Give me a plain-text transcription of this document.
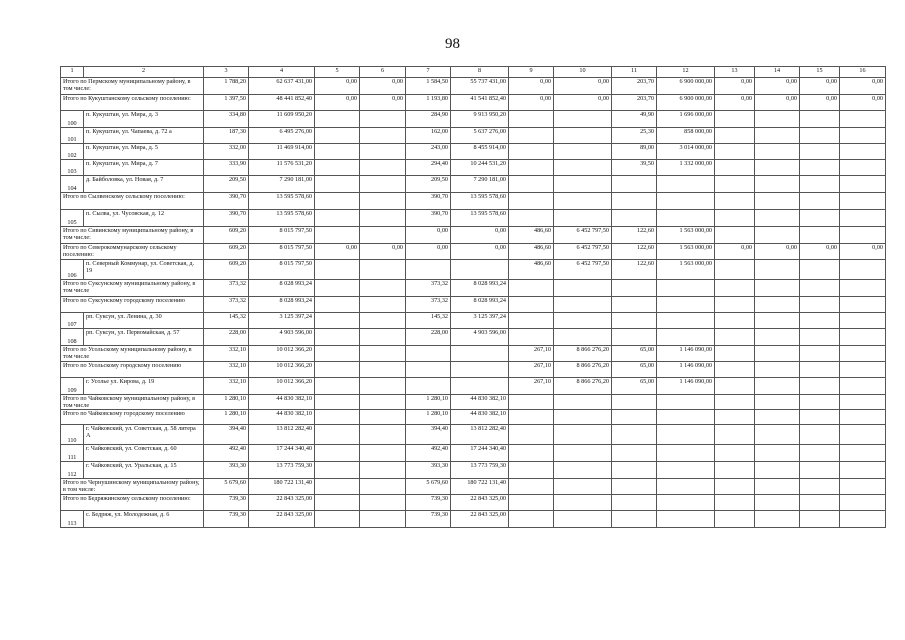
98
1	2	3	4	5	6	7	8	9	10	11	12	13	14	15	16
Итого по Пермскому муниципальному району, в том числе:		1 788,20	62 637 431,00	0,00	0,00	1 584,50	55 737 431,00	0,00	0,00	203,70	6 900 000,00	0,00	0,00	0,00	0,00
Итого по Кукуштанскому сельскому поселению:		1 397,50	48 441 852,40	0,00	0,00	1 193,80	41 541 852,40	0,00	0,00	203,70	6 900 000,00	0,00	0,00	0,00	0,00
100	п. Кукуштан, ул. Мира, д. 3	334,80	11 609 950,20			284,90	9 913 950,20			49,90	1 696 000,00				
101	п. Кукуштан, ул. Чапаева, д. 72 а	187,30	6 495 276,00			162,00	5 637 276,00			25,30	858 000,00				
102	п. Кукуштан, ул. Мира, д. 5	332,00	11 469 914,00			243,00	8 455 914,00			89,00	3 014 000,00				
103	п. Кукуштан, ул. Мира, д. 7	333,90	11 576 531,20			294,40	10 244 531,20			39,50	1 332 000,00				
104	д. Байболовка, ул. Новая, д. 7	209,50	7 290 181,00			209,50	7 290 181,00								
Итого по Сылвенскому сельскому поселению:		390,70	13 595 578,60			390,70	13 595 578,60								
105	п. Сылва, ул. Чусовская, д. 12	390,70	13 595 578,60			390,70	13 595 578,60								
Итого по Сивинскому муниципальному району, в том числе:		609,20	8 015 797,50			0,00	0,00	486,60	6 452 797,50	122,60	1 563 000,00				
Итого по Северокоммунарскому сельскому поселению:		609,20	8 015 797,50	0,00	0,00	0,00	0,00	486,60	6 452 797,50	122,60	1 563 000,00	0,00	0,00	0,00	0,00
106	п. Северный Коммунар, ул. Советская, д. 19	609,20	8 015 797,50					486,60	6 452 797,50	122,60	1 563 000,00				
Итого по Суксунскому муниципальному району, в том числе		373,32	8 028 993,24			373,32	8 028 993,24								
Итого по Суксунскому городскому поселению		373,32	8 028 993,24			373,32	8 028 993,24								
107	рп. Суксун, ул. Ленина, д. 30	145,32	3 125 397,24			145,32	3 125 397,24								
108	рп. Суксун, ул. Первомайская, д. 57	228,00	4 903 596,00			228,00	4 903 596,00								
Итого по Усольскому муниципальному району, в том числе		332,10	10 012 366,20					267,10	8 866 276,20	65,00	1 146 090,00				
Итого по Усольскому городскому поселению		332,10	10 012 366,20					267,10	8 866 276,20	65,00	1 146 090,00				
109	г. Усолье ул. Кирова, д. 19	332,10	10 012 366,20					267,10	8 866 276,20	65,00	1 146 090,00				
Итого по Чайковскому муниципальному району, в том числе		1 280,10	44 830 382,10			1 280,10	44 830 382,10								
Итого по Чайковскому городскому поселению		1 280,10	44 830 382,10			1 280,10	44 830 382,10								
110	г. Чайковский, ул. Советская, д. 58 литера А	394,40	13 812 282,40			394,40	13 812 282,40								
111	г. Чайковский, ул. Советская, д. 60	492,40	17 244 340,40			492,40	17 244 340,40								
112	г. Чайковский, ул. Уральская, д. 15	393,30	13 773 759,30			393,30	13 773 759,30								
Итого по Чернушинскому муниципальному району, в том числе:		5 679,60	180 722 131,40			5 679,60	180 722 131,40								
Итого по Бедряжинскому сельскому поселению:		739,30	22 843 325,00			739,30	22 843 325,00								
113	с. Бедряж, ул. Молодежная, д. 6	739,30	22 843 325,00			739,30	22 843 325,00								
